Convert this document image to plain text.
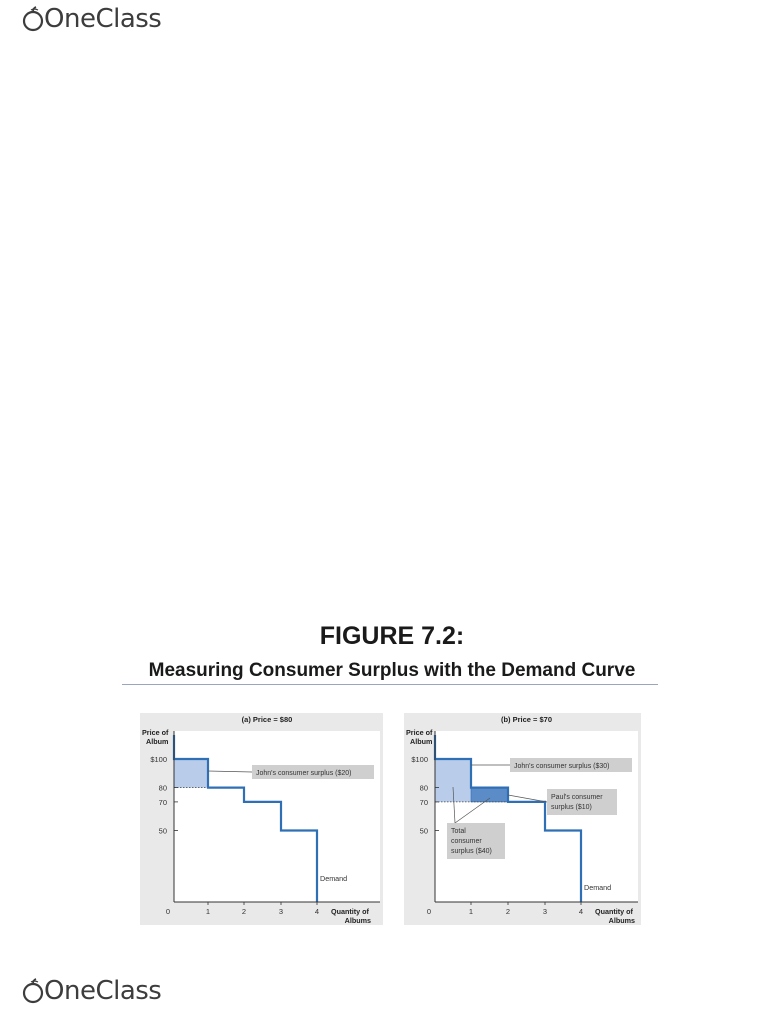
OneClass
FIGURE 7.2:
Measuring Consumer Surplus with the Demand Curve
$100
80
70
50
0	1	2	3	4
(a) Price = $80
Price of
Album
Quantity of
Albums
Demand
John's consumer surplus ($20)
$100
80
70
50
0	1	2	3	4
(b) Price = $70
Price of
Album
Quantity of
Albums
Demand
John's consumer surplus ($30)
Paul's consumer
surplus ($10)
Total
consumer
surplus ($40)
OneClass
